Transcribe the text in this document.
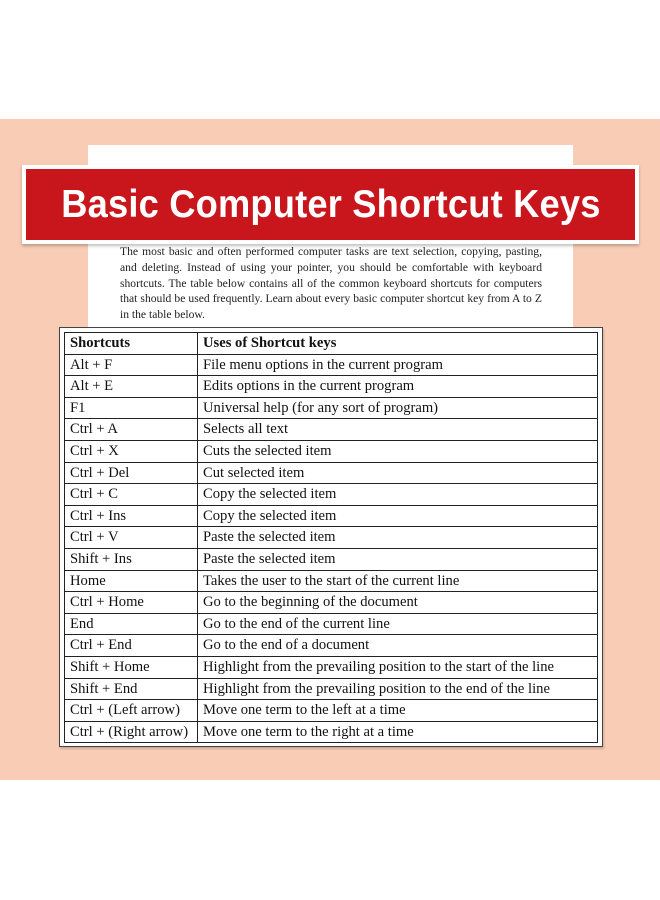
Basic Computer Shortcut Keys

The most basic and often performed computer tasks are text selection, copying, pasting, and deleting. Instead of using your pointer, you should be comfortable with keyboard shortcuts. The table below contains all of the common keyboard shortcuts for computers that should be used frequently. Learn about every basic computer shortcut key from A to Z in the table below.

Shortcuts	Uses of Shortcut keys
Alt + F	File menu options in the current program
Alt + E	Edits options in the current program
F1	Universal help (for any sort of program)
Ctrl + A	Selects all text
Ctrl + X	Cuts the selected item
Ctrl + Del	Cut selected item
Ctrl + C	Copy the selected item
Ctrl + Ins	Copy the selected item
Ctrl + V	Paste the selected item
Shift + Ins	Paste the selected item
Home	Takes the user to the start of the current line
Ctrl + Home	Go to the beginning of the document
End	Go to the end of the current line
Ctrl + End	Go to the end of a document
Shift + Home	Highlight from the prevailing position to the start of the line
Shift + End	Highlight from the prevailing position to the end of the line
Ctrl + (Left arrow)	Move one term to the left at a time
Ctrl + (Right arrow)	Move one term to the right at a time
